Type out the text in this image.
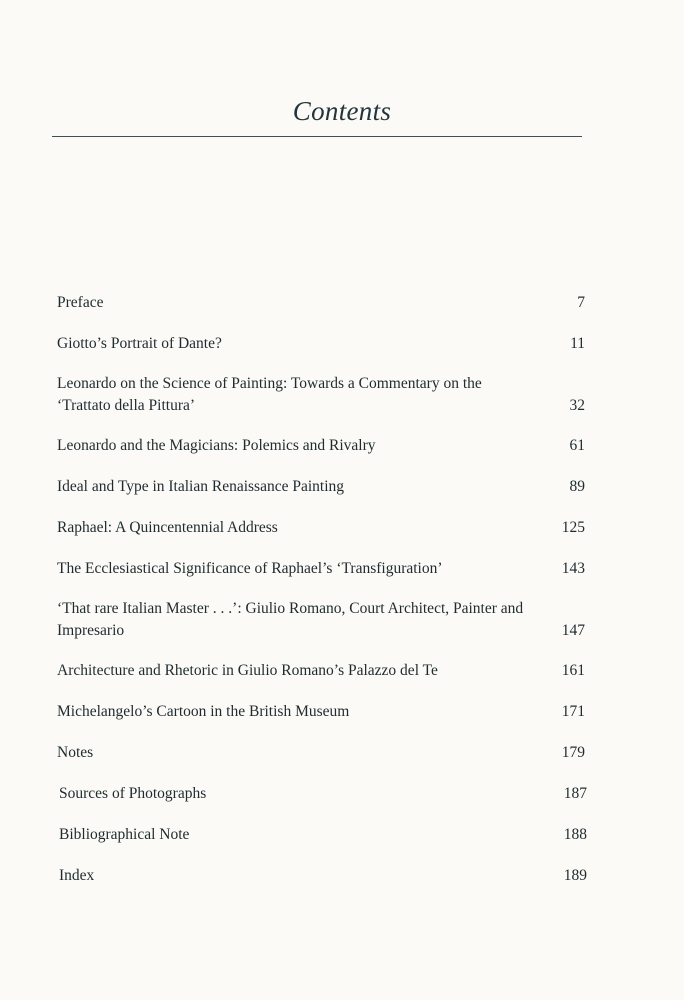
Contents
Preface	7
Giotto’s Portrait of Dante?	11
Leonardo on the Science of Painting: Towards a Commentary on the ‘Trattato della Pittura’	32
Leonardo and the Magicians: Polemics and Rivalry	61
Ideal and Type in Italian Renaissance Painting	89
Raphael: A Quincentennial Address	125
The Ecclesiastical Significance of Raphael’s ‘Transfiguration’	143
‘That rare Italian Master . . .’: Giulio Romano, Court Architect, Painter and Impresario	147
Architecture and Rhetoric in Giulio Romano’s Palazzo del Te	161
Michelangelo’s Cartoon in the British Museum	171
Notes	179
Sources of Photographs	187
Bibliographical Note	188
Index	189
